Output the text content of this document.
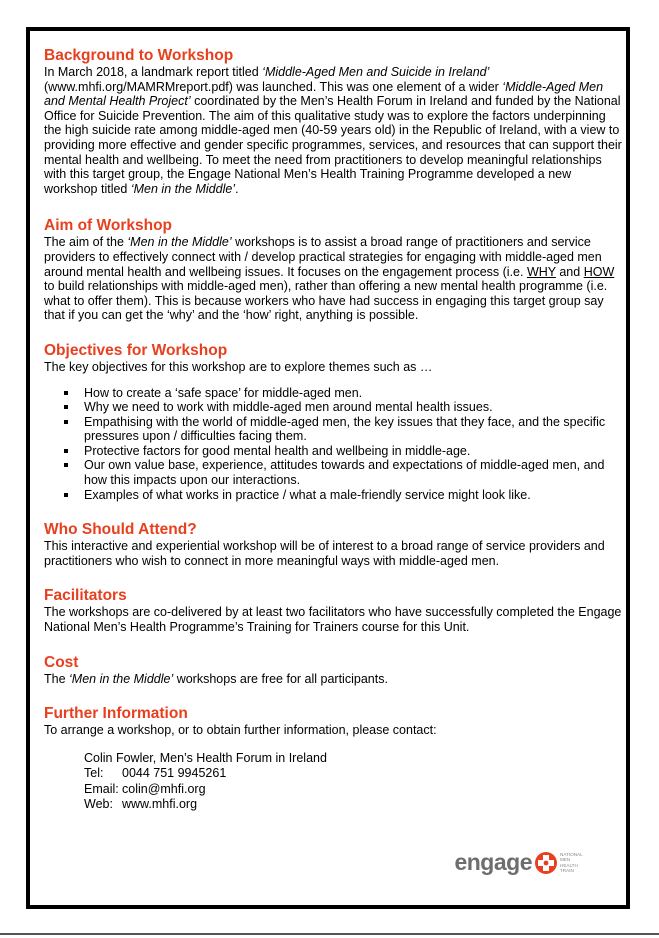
Background to Workshop

In March 2018, a landmark report titled ‘Middle-Aged Men and Suicide in Ireland’ (www.mhfi.org/MAMRMreport.pdf) was launched. This was one element of a wider ‘Middle-Aged Men and Mental Health Project’ coordinated by the Men’s Health Forum in Ireland and funded by the National Office for Suicide Prevention. The aim of this qualitative study was to explore the factors underpinning the high suicide rate among middle-aged men (40-59 years old) in the Republic of Ireland, with a view to providing more effective and gender specific programmes, services, and resources that can support their mental health and wellbeing. To meet the need from practitioners to develop meaningful relationships with this target group, the Engage National Men’s Health Training Programme developed a new workshop titled ‘Men in the Middle’.

Aim of Workshop

The aim of the ‘Men in the Middle’ workshops is to assist a broad range of practitioners and service providers to effectively connect with / develop practical strategies for engaging with middle-aged men around mental health and wellbeing issues. It focuses on the engagement process (i.e. WHY and HOW to build relationships with middle-aged men), rather than offering a new mental health programme (i.e. what to offer them). This is because workers who have had success in engaging this target group say that if you can get the ‘why’ and the ‘how’ right, anything is possible.

Objectives for Workshop

The key objectives for this workshop are to explore themes such as …

How to create a ‘safe space’ for middle-aged men.
Why we need to work with middle-aged men around mental health issues.
Empathising with the world of middle-aged men, the key issues that they face, and the specific pressures upon / difficulties facing them.
Protective factors for good mental health and wellbeing in middle-age.
Our own value base, experience, attitudes towards and expectations of middle-aged men, and how this impacts upon our interactions.
Examples of what works in practice / what a male-friendly service might look like.
Who Should Attend?

This interactive and experiential workshop will be of interest to a broad range of service providers and practitioners who wish to connect in more meaningful ways with middle-aged men.

Facilitators

The workshops are co-delivered by at least two facilitators who have successfully completed the Engage National Men’s Health Programme’s Training for Trainers course for this Unit.

Cost

The ‘Men in the Middle’ workshops are free for all participants.

Further Information

To arrange a workshop, or to obtain further information, please contact:

Colin Fowler, Men’s Health Forum in Ireland
Tel:	0044 751 9945261
Email: colin@mhfi.org
Web: www.mhfi.org
engage	NATIONAL MEN HEALTH TRAIN
